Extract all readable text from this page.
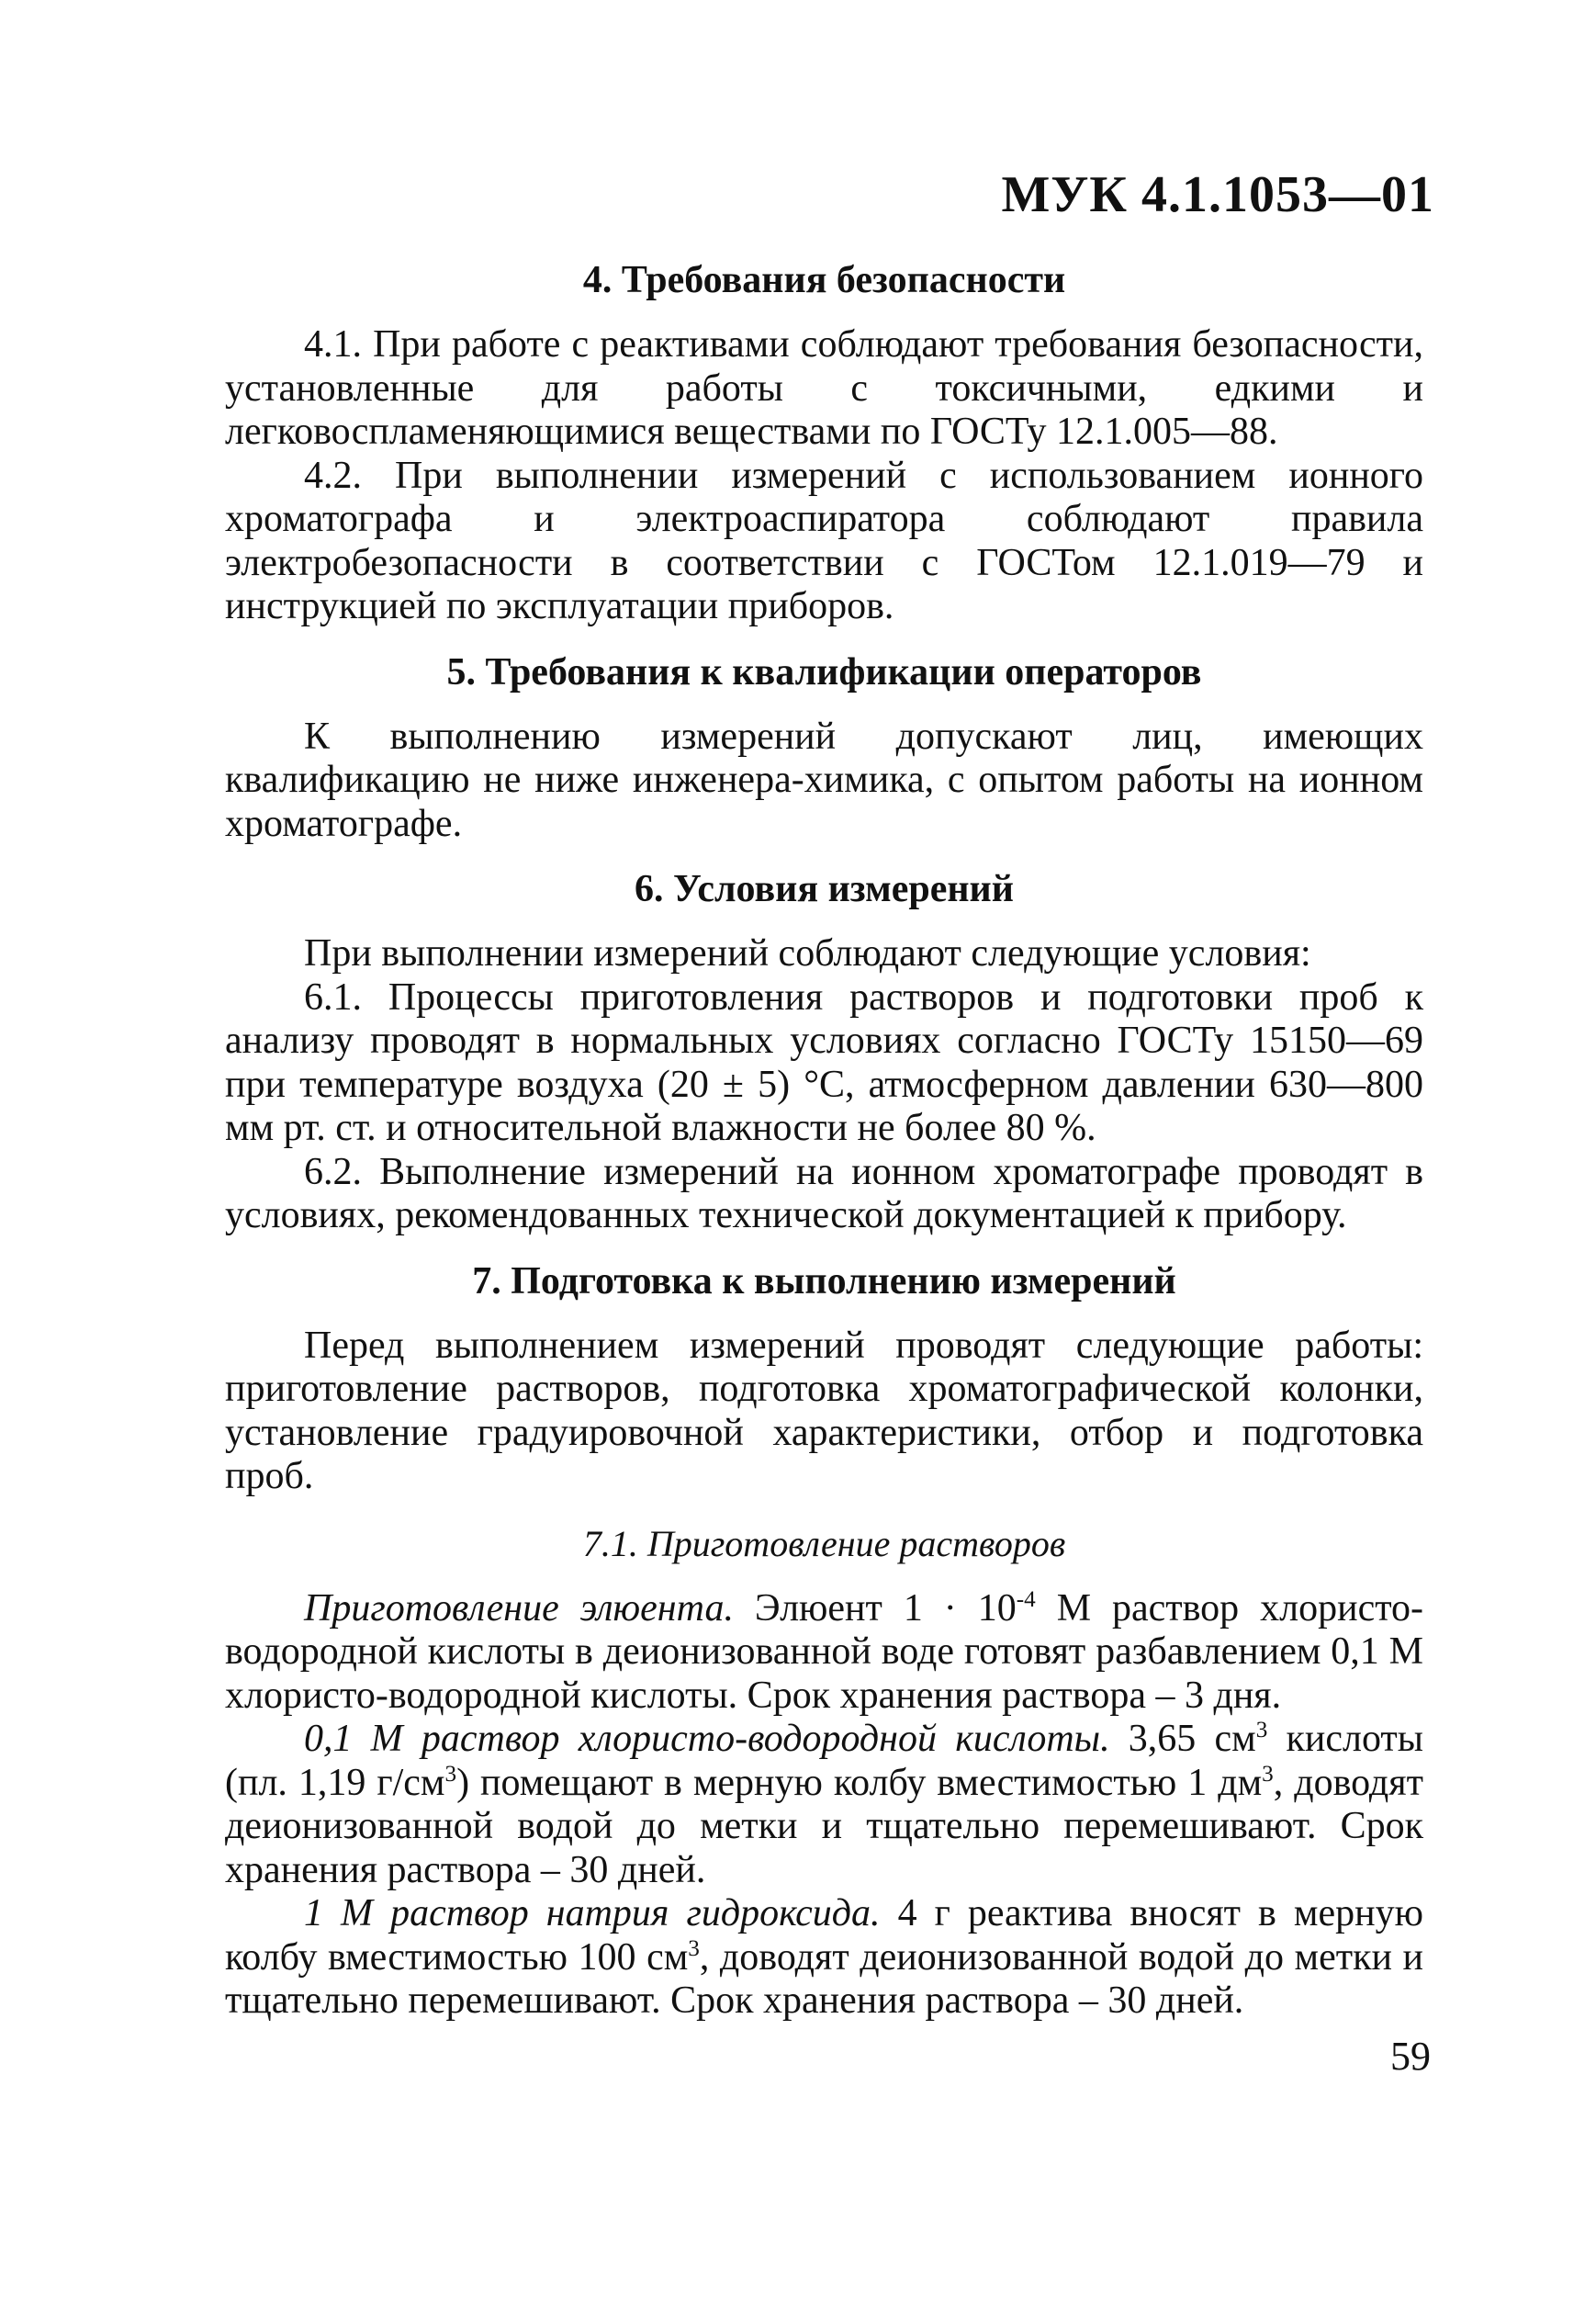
МУК 4.1.1053—01
4. Требования безопасности

4.1. При работе с реактивами соблюдают требования безопасности, установленные для работы с токсичными, едкими и легковоспламеняющимися веществами по ГОСТу 12.1.005—88.

4.2. При выполнении измерений с использованием ионного хроматографа и электроаспиратора соблюдают правила электробезопасности в соответствии с ГОСТом 12.1.019—79 и инструкцией по эксплуатации приборов.

5. Требования к квалификации операторов

К выполнению измерений допускают лиц, имеющих квалификацию не ниже инженера-химика, с опытом работы на ионном хроматографе.

6. Условия измерений

При выполнении измерений соблюдают следующие условия:

6.1. Процессы приготовления растворов и подготовки проб к анализу проводят в нормальных условиях согласно ГОСТу 15150—69 при температуре воздуха (20 ± 5) °С, атмосферном давлении 630—800 мм рт. ст. и относительной влажности не более 80 %.

6.2. Выполнение измерений на ионном хроматографе проводят в условиях, рекомендованных технической документацией к прибору.

7. Подготовка к выполнению измерений

Перед выполнением измерений проводят следующие работы: приготовление растворов, подготовка хроматографической колонки, установление градуировочной характеристики, отбор и подготовка проб.

7.1. Приготовление растворов

Приготовление элюента. Элюент $1 \cdot 10^{-4}$ М раствор хлористо-водородной кислоты в деионизованной воде готовят разбавлением 0,1 М хлористо-водородной кислоты. Срок хранения раствора – 3 дня.

0,1 М раствор хлористо-водородной кислоты. 3,65 $см^3$ кислоты (пл. 1,19 $г/см^3$) помещают в мерную колбу вместимостью 1 $дм^3$, доводят деионизованной водой до метки и тщательно перемешивают. Срок хранения раствора – 30 дней.

1 М раствор натрия гидроксида. 4 г реактива вносят в мерную колбу вместимостью 100 $см^3$, доводят деионизованной водой до метки и тщательно перемешивают. Срок хранения раствора – 30 дней.

59
